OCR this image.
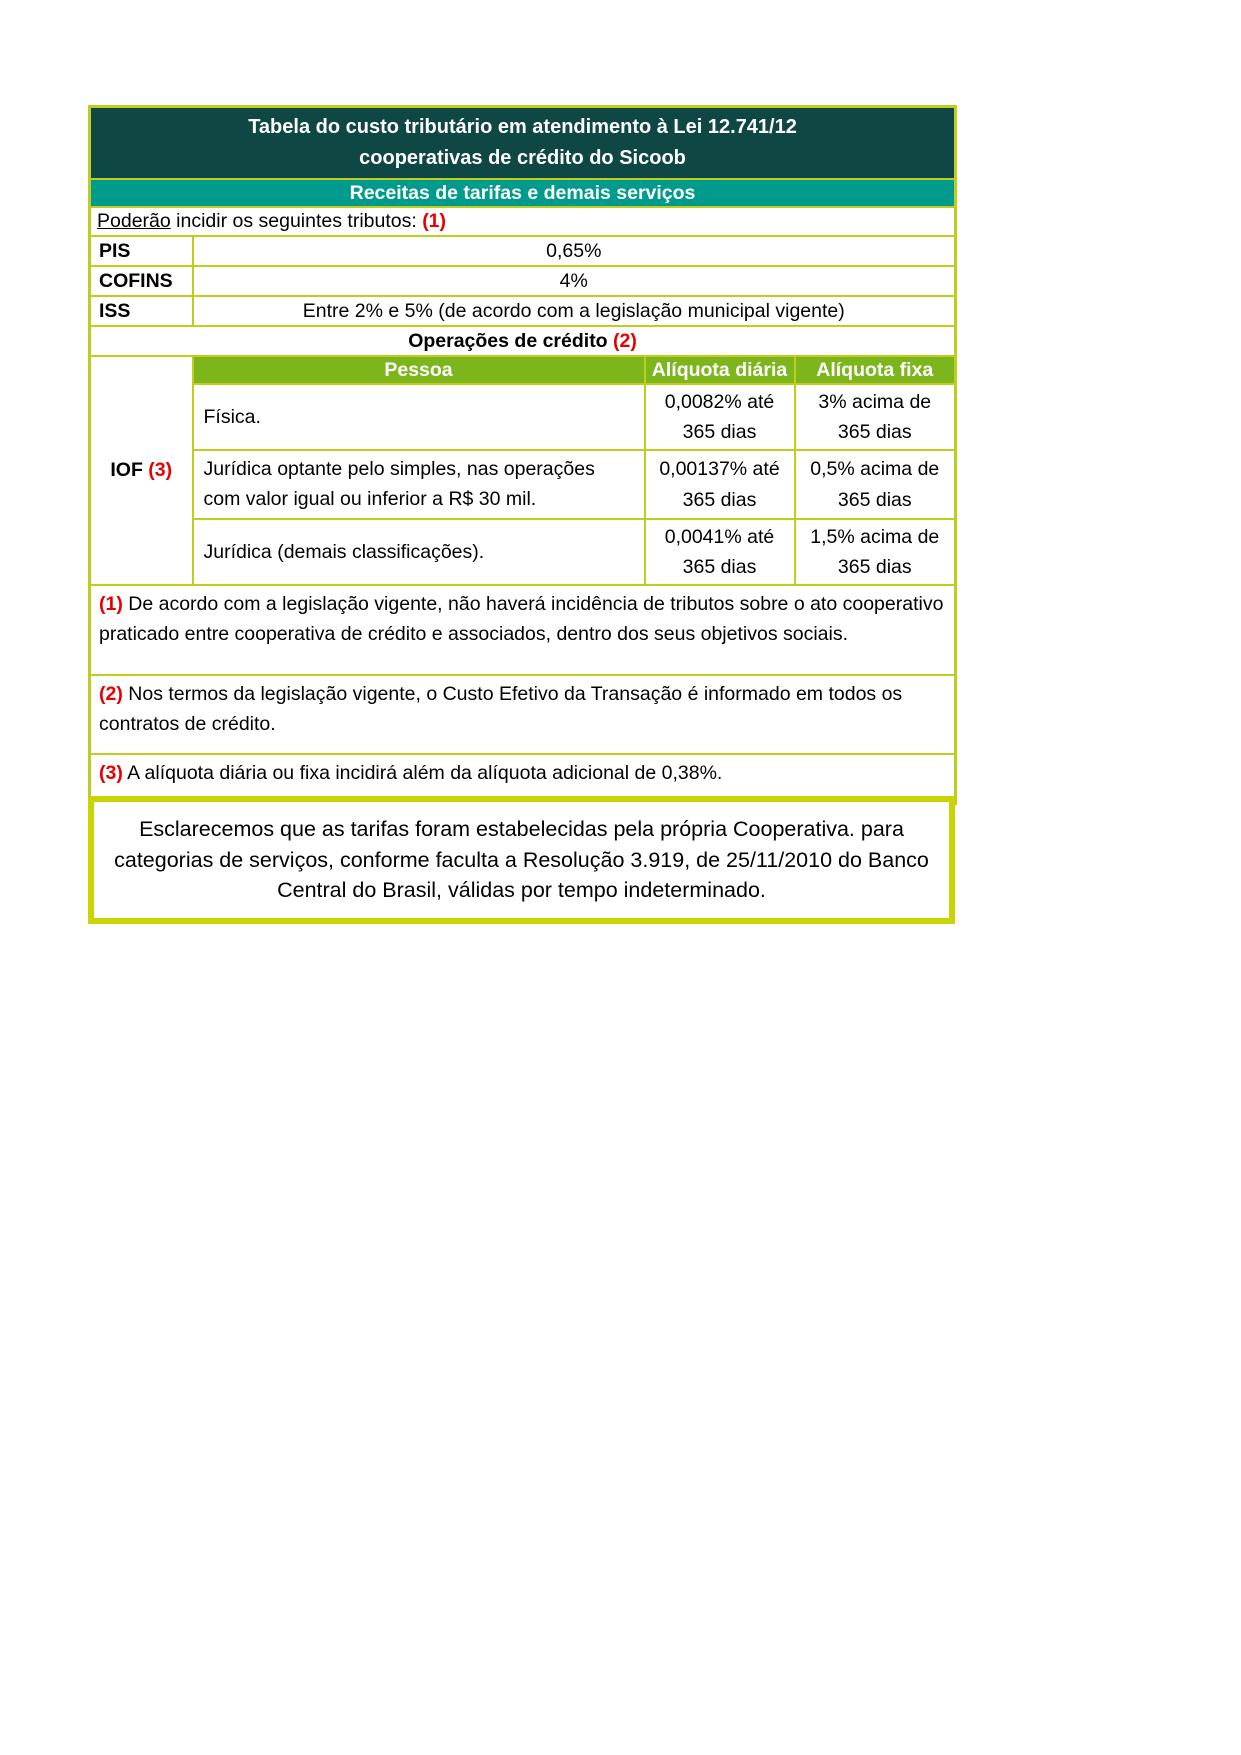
Tabela do custo tributário em atendimento à Lei 12.741/12
cooperativas de crédito do Sicoob			

Receitas de tarifas e demais serviços			
Poderão incidir os seguintes tributos: (1)			
PIS	0,65%		
COFINS	4%		
ISS	Entre 2% e 5% (de acordo com a legislação municipal vigente)		
Operações de crédito (2)			
IOF (3)	Pessoa	Alíquota diária	Alíquota fixa
	Física.	0,0082% até 365 dias	3% acima de 365 dias
	Jurídica optante pelo simples, nas operações com valor igual ou inferior a R$ 30 mil.	0,00137% até 365 dias	0,5% acima de 365 dias
	Jurídica (demais classificações).	0,0041% até 365 dias	1,5% acima de 365 dias
(1) De acordo com a legislação vigente, não haverá incidência de tributos sobre o ato cooperativo praticado entre cooperativa de crédito e associados, dentro dos seus objetivos sociais.			
(2) Nos termos da legislação vigente, o Custo Efetivo da Transação é informado em todos os contratos de crédito.			
(3) A alíquota diária ou fixa incidirá além da alíquota adicional de 0,38%.			
Esclarecemos que as tarifas foram estabelecidas pela própria Cooperativa. para categorias de serviços, conforme faculta a Resolução 3.919, de 25/11/2010 do Banco Central do Brasil, válidas por tempo indeterminado.
